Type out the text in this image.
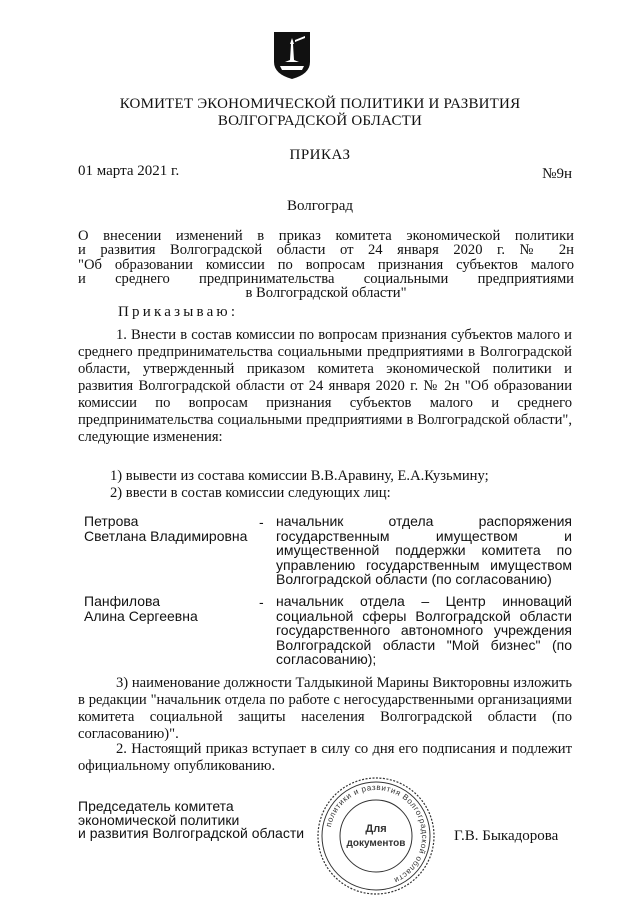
КОМИТЕТ ЭКОНОМИЧЕСКОЙ ПОЛИТИКИ И РАЗВИТИЯ
ВОЛГОГРАДСКОЙ ОБЛАСТИ
ПРИКАЗ
01 марта 2021 г.	№9н
Волгоград
О внесении изменений в приказ комитета экономической политики
и развития Волгоградской области от 24 января 2020 г. № 2н
"Об образовании комиссии по вопросам признания субъектов малого
и среднего предпринимательства социальными предприятиями
в Волгоградской области"
Приказываю:
1. Внести в состав комиссии по вопросам признания субъектов малого и среднего предпринимательства социальными предприятиями в Волгоградской области, утвержденный приказом комитета экономической политики и развития Волгоградской области от 24 января 2020 г. № 2н "Об образовании комиссии по вопросам признания субъектов малого и среднего предпринимательства социальными предприятиями в Волгоградской области", следующие изменения:
1) вывести из состава комиссии В.В.Аравину, Е.А.Кузьмину;
2) ввести в состав комиссии следующих лиц:
Петрова
Светлана Владимировна
- начальник отдела распоряжения государственным имуществом и имущественной поддержки комитета по управлению государственным имуществом Волгоградской области (по согласованию)
Панфилова
Алина Сергеевна
- начальник отдела – Центр инноваций социальной сферы Волгоградской области государственного автономного учреждения Волгоградской области "Мой бизнес" (по согласованию);
3) наименование должности Талдыкиной Марины Викторовны изложить в редакции "начальник отдела по работе с негосударственными организациями комитета социальной защиты населения Волгоградской области (по согласованию)".
2. Настоящий приказ вступает в силу со дня его подписания и подлежит официальному опубликованию.
Председатель комитета
экономической политики
и развития Волгоградской области
политики и развития Волгоградской области
Для
документов	Г.В. Быкадорова
